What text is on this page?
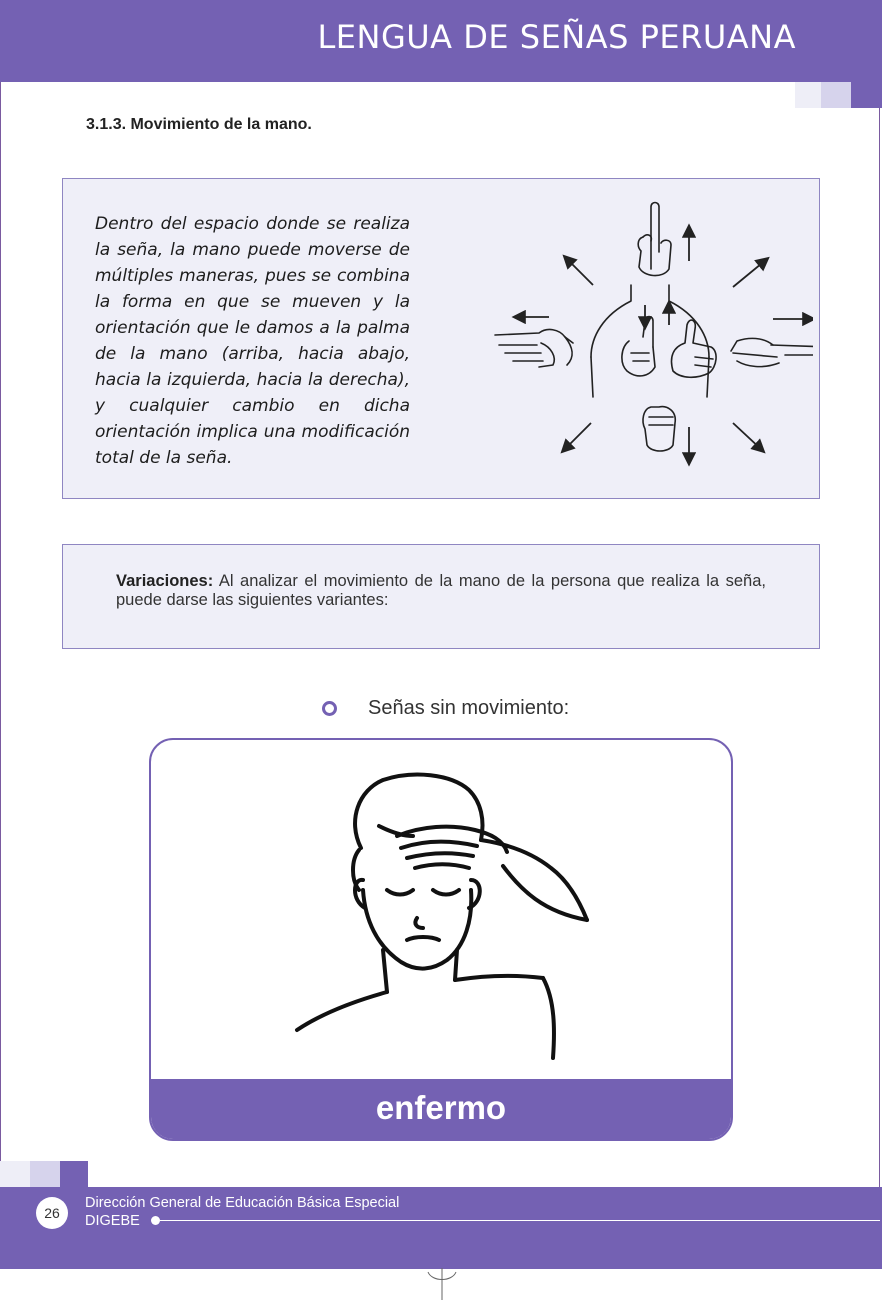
LENGUA DE SEÑAS PERUANA
3.1.3. Movimiento de la mano.
Dentro del espacio donde se realiza la seña, la mano puede moverse de múltiples maneras, pues se combina la forma en que se mueven y la orientación que le damos a la palma de la mano (arriba, hacia abajo, hacia la izquierda, hacia la derecha), y cualquier cambio en dicha orientación implica una modificación total de la seña.
Variaciones: Al analizar el movimiento de la mano de la persona que realiza la seña, puede darse las siguientes variantes:
Señas sin movimiento:
enfermo
26
Dirección General de Educación Básica Especial
DIGEBE
